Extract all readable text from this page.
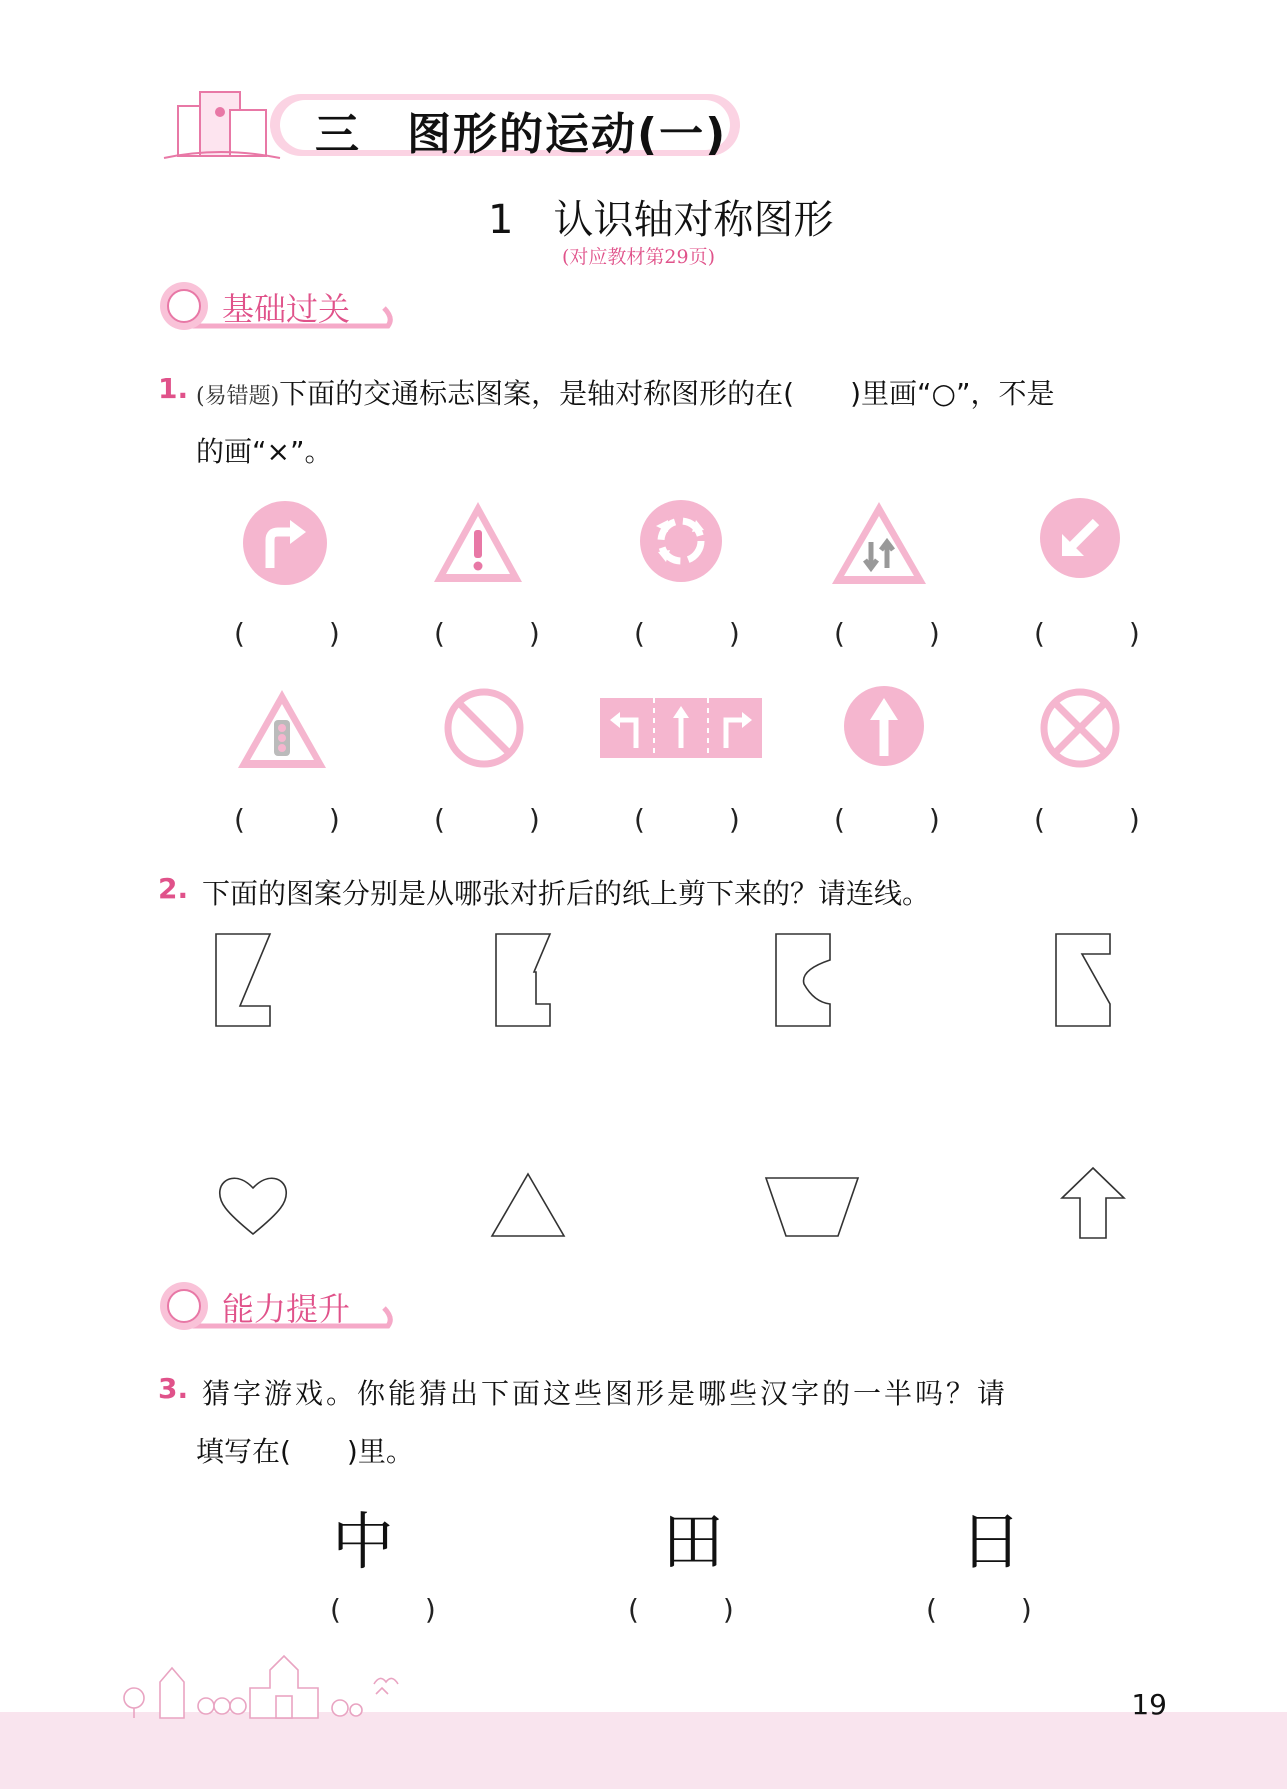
三　图形的运动(一)
1　认识轴对称图形
(对应教材第29页)
基础过关
1. (易错题)下面的交通标志图案，是轴对称图形的在(　　)里画“○”，不是
的画“×”。
(　　　)	(　　　)	(　　　)	(　　　)	(　　　)
(　　　)	(　　　)	(　　　)	(　　　)	(　　　)
2. 下面的图案分别是从哪张对折后的纸上剪下来的？请连线。
能力提升
3. 猜字游戏。你能猜出下面这些图形是哪些汉字的一半吗？请
填写在(　　)里。
中	田	日
(　　　)	(　　　)	(　　　)
19
